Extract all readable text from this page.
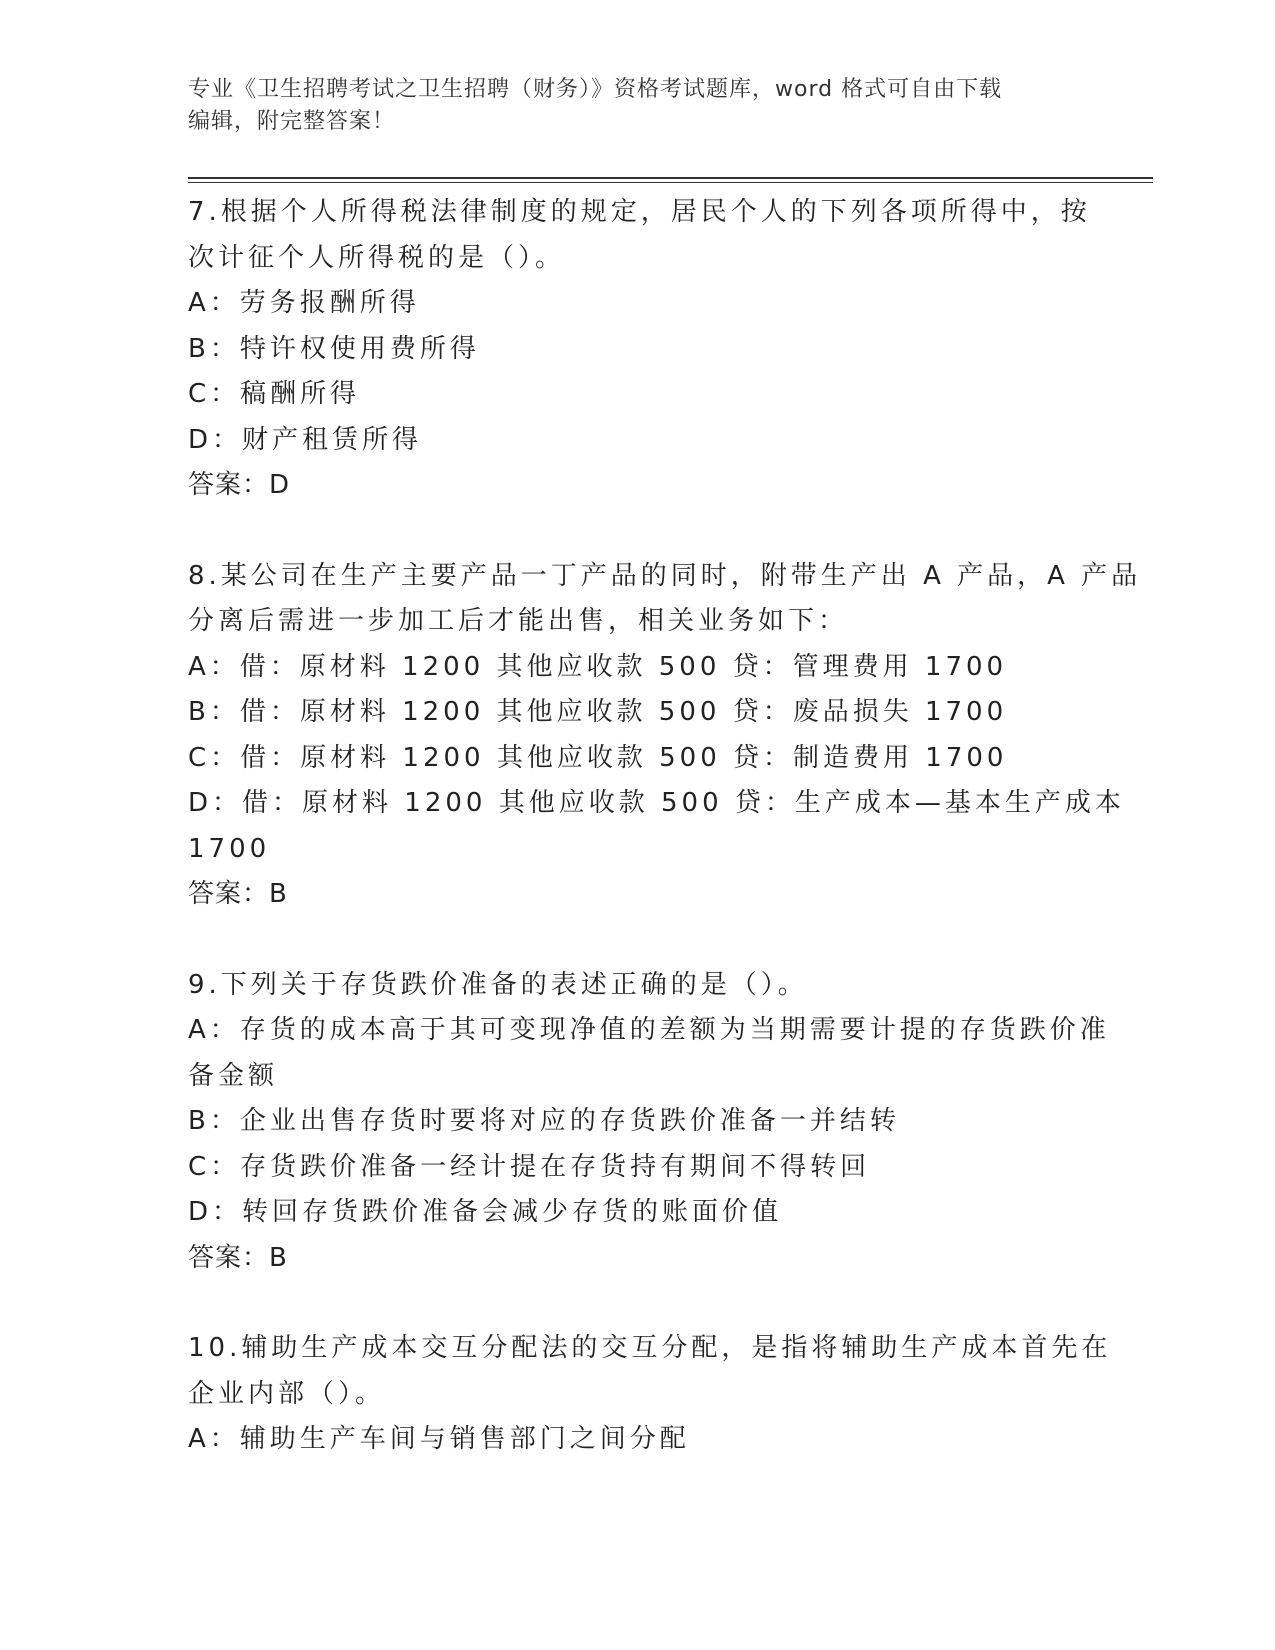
专业《卫生招聘考试之卫生招聘（财务）》资格考试题库，word 格式可自由下载
编辑，附完整答案！
7.根据个人所得税法律制度的规定，居民个人的下列各项所得中，按
次计征个人所得税的是（）。
A：劳务报酬所得
B：特许权使用费所得
C：稿酬所得
D：财产租赁所得
答案：D
8.某公司在生产主要产品一丁产品的同时，附带生产出 A 产品，A 产品
分离后需进一步加工后才能出售，相关业务如下：
A：借：原材料 1200 其他应收款 500 贷：管理费用 1700
B：借：原材料 1200 其他应收款 500 贷：废品损失 1700
C：借：原材料 1200 其他应收款 500 贷：制造费用 1700
D：借：原材料 1200 其他应收款 500 贷：生产成本—基本生产成本
1700
答案：B
9.下列关于存货跌价准备的表述正确的是（）。
A：存货的成本高于其可变现净值的差额为当期需要计提的存货跌价准
备金额
B：企业出售存货时要将对应的存货跌价准备一并结转
C：存货跌价准备一经计提在存货持有期间不得转回
D：转回存货跌价准备会减少存货的账面价值
答案：B
10.辅助生产成本交互分配法的交互分配，是指将辅助生产成本首先在
企业内部（）。
A：辅助生产车间与销售部门之间分配
